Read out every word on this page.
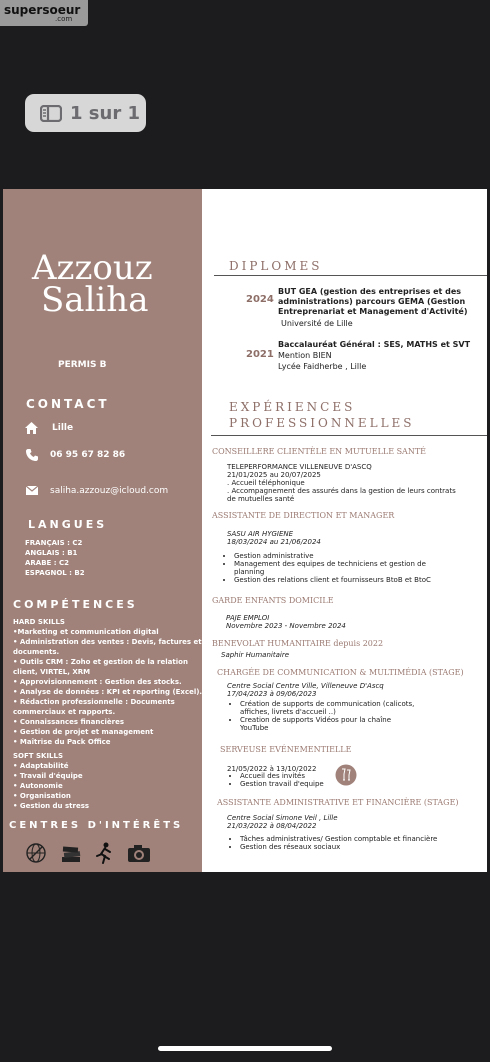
supersoeur
.com
1 sur 1
Azzouz
Saliha
PERMIS B
CONTACT
Lille
06 95 67 82 86
saliha.azzouz@icloud.com
LANGUES
FRANÇAIS : C2
ANGLAIS : B1
ARABE : C2
ESPAGNOL : B2
COMPÉTENCES
HARD SKILLS
•Marketing et communication digital
• Administration des ventes : Devis, factures et
documents.
• Outils CRM : Zoho et gestion de la relation
client, VIRTEL, XRM
• Approvisionnement : Gestion des stocks.
• Analyse de données : KPI et reporting (Excel)..
• Rédaction professionnelle : Documents
commerciaux et rapports.
• Connaissances financières
• Gestion de projet et management
• Maîtrise du Pack Office
SOFT SKILLS
• Adaptabilité
• Travail d'équipe
• Autonomie
• Organisation
• Gestion du stress
CENTRES D'INTÉRÊTS
DIPLOMES
2024
BUT GEA (gestion des entreprises et des administrations) parcours GEMA (Gestion Entreprenariat et Management d'Activité)
Université de Lille
2021
Baccalauréat Général : SES, MATHS et SVT
Mention BIEN
Lycée Faidherbe , Lille
EXPÉRIENCES
PROFESSIONNELLES
CONSEILLERE CLIENTÈLE EN MUTUELLE SANTÉ
TELEPERFORMANCE VILLENEUVE D'ASCQ
21/01/2025 au 20/07/2025
. Accueil téléphonique
. Accompagnement des assurés dans la gestion de leurs contrats de mutuelles santé
ASSISTANTE DE DIRECTION ET MANAGER
SASU AIR HYGIENE
18/03/2024 au 21/06/2024
• Gestion administrative
• Management des equipes de techniciens et gestion de planning
• Gestion des relations client et fournisseurs BtoB et BtoC
GARDE ENFANTS DOMICILE
PAJE EMPLOI
Novembre 2023 - Novembre 2024
BENEVOLAT HUMANITAIRE depuis 2022
Saphir Humanitaire
CHARGÉE DE COMMUNICATION & MULTIMÉDIA (STAGE)
Centre Social Centre Ville, Villeneuve D'Ascq
17/04/2023 à 09/06/2023
• Création de supports de communication (calicots, affiches, livrets d'accueil ..)
• Creation de supports Vidéos pour la chaîne YouTube
SERVEUSE EVÉNEMENTIELLE
21/05/2022 à 13/10/2022
• Accueil des invités
• Gestion travail d'equipe
ASSISTANTE ADMINISTRATIVE ET FINANCIÈRE (STAGE)
Centre Social Simone Veil , Lille
21/03/2022 à 08/04/2022
• Tâches administratives/ Gestion comptable et financière
• Gestion des réseaux sociaux
